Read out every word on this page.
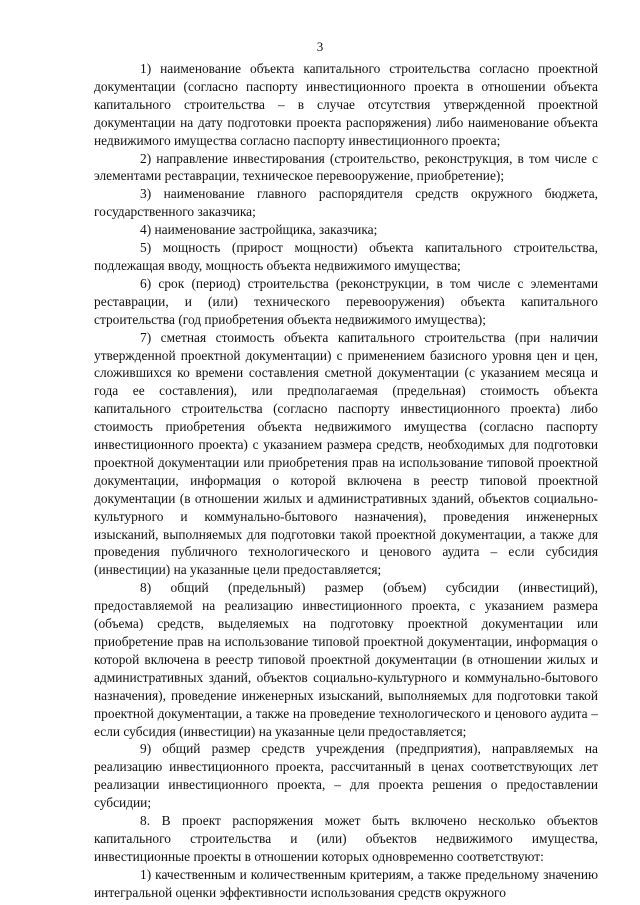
3

1) наименование объекта капитального строительства согласно проектной документации (согласно паспорту инвестиционного проекта в отношении объекта капитального строительства – в случае отсутствия утвержденной проектной документации на дату подготовки проекта распоряжения) либо наименование объекта недвижимого имущества согласно паспорту инвестиционного проекта;

2) направление инвестирования (строительство, реконструкция, в том числе с элементами реставрации, техническое перевооружение, приобретение);

3) наименование главного распорядителя средств окружного бюджета, государственного заказчика;

4) наименование застройщика, заказчика;

5) мощность (прирост мощности) объекта капитального строительства, подлежащая вводу, мощность объекта недвижимого имущества;

6) срок (период) строительства (реконструкции, в том числе с элементами реставрации, и (или) технического перевооружения) объекта капитального строительства (год приобретения объекта недвижимого имущества);

7) сметная стоимость объекта капитального строительства (при наличии утвержденной проектной документации) с применением базисного уровня цен и цен, сложившихся ко времени составления сметной документации (с указанием месяца и года ее составления), или предполагаемая (предельная) стоимость объекта капитального строительства (согласно паспорту инвестиционного проекта) либо стоимость приобретения объекта недвижимого имущества (согласно паспорту инвестиционного проекта) с указанием размера средств, необходимых для подготовки проектной документации или приобретения прав на использование типовой проектной документации, информация о которой включена в реестр типовой проектной документации (в отношении жилых и административных зданий, объектов социально-культурного и коммунально-бытового назначения), проведения инженерных изысканий, выполняемых для подготовки такой проектной документации, а также для проведения публичного технологического и ценового аудита – если субсидия (инвестиции) на указанные цели предоставляется;

8) общий (предельный) размер (объем) субсидии (инвестиций), предоставляемой на реализацию инвестиционного проекта, с указанием размера (объема) средств, выделяемых на подготовку проектной документации или приобретение прав на использование типовой проектной документации, информация о которой включена в реестр типовой проектной документации (в отношении жилых и административных зданий, объектов социально-культурного и коммунально-бытового назначения), проведение инженерных изысканий, выполняемых для подготовки такой проектной документации, а также на проведение технологического и ценового аудита – если субсидия (инвестиции) на указанные цели предоставляется;

9) общий размер средств учреждения (предприятия), направляемых на реализацию инвестиционного проекта, рассчитанный в ценах соответствующих лет реализации инвестиционного проекта, – для проекта решения о предоставлении субсидии;

8. В проект распоряжения может быть включено несколько объектов капитального строительства и (или) объектов недвижимого имущества, инвестиционные проекты в отношении которых одновременно соответствуют:

1) качественным и количественным критериям, а также предельному значению интегральной оценки эффективности использования средств окружного
